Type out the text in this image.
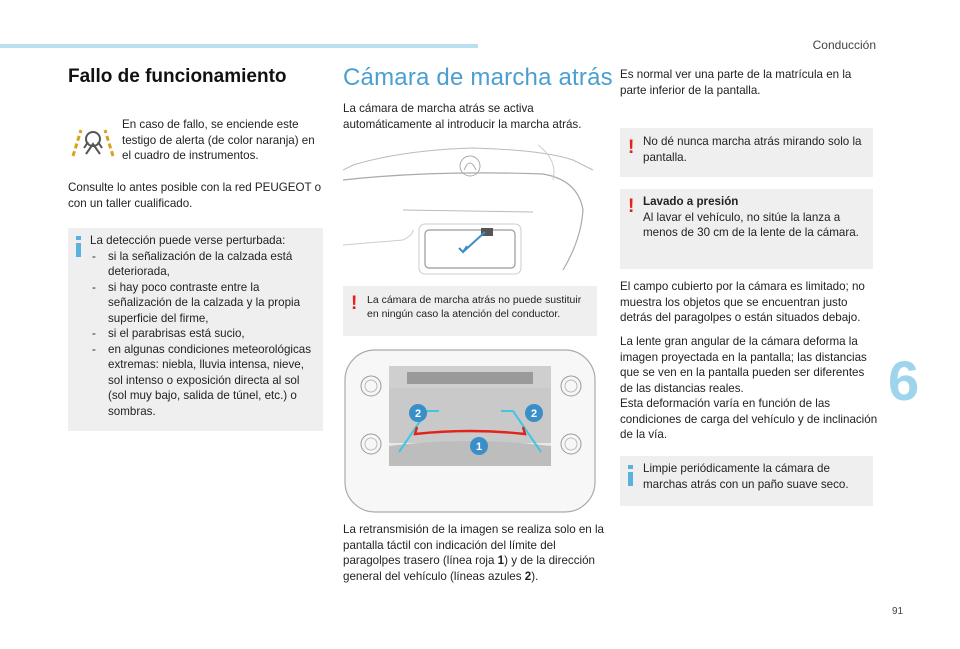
Conducción
6
91
Fallo de funcionamiento
En caso de fallo, se enciende este testigo de alerta (de color naranja) en el cuadro de instrumentos.
Consulte lo antes posible con la red PEUGEOT o con un taller cualificado.
La detección puede verse perturbada:
- si la señalización de la calzada está deteriorada,
- si hay poco contraste entre la señalización de la calzada y la propia superficie del firme,
- si el parabrisas está sucio,
- en algunas condiciones meteorológicas extremas: niebla, lluvia intensa, nieve, sol intenso o exposición directa al sol (sol muy bajo, salida de túnel, etc.) o sombras.
Cámara de marcha atrás
La cámara de marcha atrás se activa automáticamente al introducir la marcha atrás.
! La cámara de marcha atrás no puede sustituir en ningún caso la atención del conductor.
2	2
1
La retransmisión de la imagen se realiza solo en la pantalla táctil con indicación del límite del paragolpes trasero (línea roja 1) y de la dirección general del vehículo (líneas azules 2).
Es normal ver una parte de la matrícula en la parte inferior de la pantalla.
! No dé nunca marcha atrás mirando solo la pantalla.
! Lavado a presión
Al lavar el vehículo, no sitúe la lanza a menos de 30 cm de la lente de la cámara.
El campo cubierto por la cámara es limitado; no muestra los objetos que se encuentran justo detrás del paragolpes o están situados debajo.
La lente gran angular de la cámara deforma la imagen proyectada en la pantalla; las distancias que se ven en la pantalla pueden ser diferentes de las distancias reales.
Esta deformación varía en función de las condiciones de carga del vehículo y de inclinación de la vía.
Limpie periódicamente la cámara de marchas atrás con un paño suave seco.
